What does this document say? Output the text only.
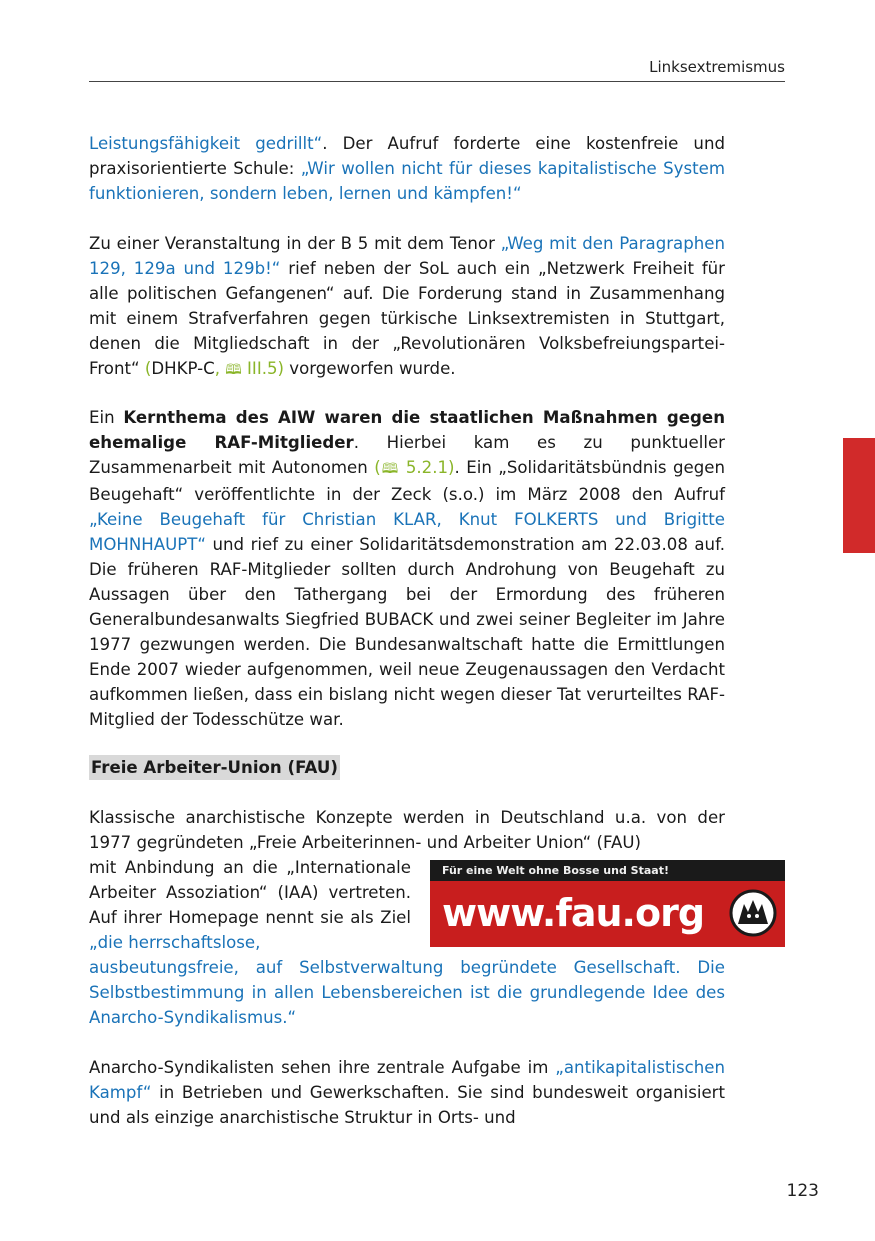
Linksextremismus

Leistungsfähigkeit gedrillt“. Der Aufruf forderte eine kostenfreie und praxisorientierte Schule: „Wir wollen nicht für dieses kapitalistische System funktionieren, sondern leben, lernen und kämpfen!“

Zu einer Veranstaltung in der B 5 mit dem Tenor „Weg mit den Paragraphen 129, 129a und 129b!“ rief neben der SoL auch ein „Netzwerk Freiheit für alle politischen Gefangenen“ auf. Die Forderung stand in Zusammenhang mit einem Strafverfahren gegen türkische Linksextremisten in Stuttgart, denen die Mitgliedschaft in der „Revolutionären Volksbefreiungspartei-Front“ (DHKP-C, 🕮 III.5) vorgeworfen wurde.

Ein Kernthema des AIW waren die staatlichen Maßnahmen gegen ehemalige RAF-Mitglieder. Hierbei kam es zu punktueller Zusammenarbeit mit Autonomen (🕮 5.2.1). Ein „Solidaritätsbündnis gegen Beugehaft“ veröffentlichte in der Zeck (s.o.) im März 2008 den Aufruf „Keine Beugehaft für Christian KLAR, Knut FOLKERTS und Brigitte MOHNHAUPT“ und rief zu einer Solidaritätsdemonstration am 22.03.08 auf. Die früheren RAF-Mitglieder sollten durch Androhung von Beugehaft zu Aussagen über den Tathergang bei der Ermordung des früheren Generalbundesanwalts Siegfried BUBACK und zwei seiner Begleiter im Jahre 1977 gezwungen werden. Die Bundesanwaltschaft hatte die Ermittlungen Ende 2007 wieder aufgenommen, weil neue Zeugenaussagen den Verdacht aufkommen ließen, dass ein bislang nicht wegen dieser Tat verurteiltes RAF-Mitglied der Todesschütze war.

Freie Arbeiter-Union (FAU)

Klassische anarchistische Konzepte werden in Deutschland u.a. von der 1977 gegründeten „Freie Arbeiterinnen- und Arbeiter Union“ (FAU)

mit Anbindung an die „Internationale Arbeiter Assoziation“ (IAA) vertreten. Auf ihrer Homepage nennt sie als Ziel „die herrschaftslose,

ausbeutungsfreie, auf Selbstverwaltung begründete Gesellschaft. Die Selbstbestimmung in allen Lebensbereichen ist die grundlegende Idee des Anarcho-Syndikalismus.“

Für eine Welt ohne Bosse und Staat!
www.fau.org

Anarcho-Syndikalisten sehen ihre zentrale Aufgabe im „antikapitalistischen Kampf“ in Betrieben und Gewerkschaften. Sie sind bundesweit organisiert und als einzige anarchistische Struktur in Orts- und

123
